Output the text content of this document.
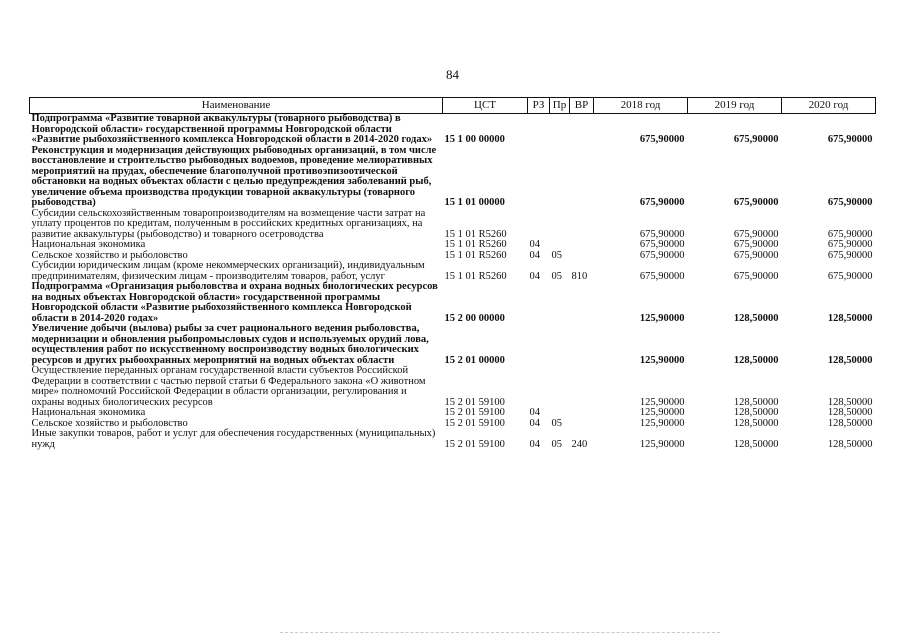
84
Наименование	ЦСТ	РЗ	Пр	ВР	2018 год	2019 год	2020 год
Подпрограмма «Развитие товарной аквакультуры (товарного рыбоводства) в Новгородской области» государственной программы Новгородской области «Развитие рыбохозяйственного комплекса Новгородской области в 2014-2020 годах»	15 1 00 00000				675,90000	675,90000	675,90000
Реконструкция и модернизация действующих рыбоводных организаций, в том числе восстановление и строительство рыбоводных водоемов, проведение мелиоративных мероприятий на прудах, обеспечение благополучной противоэпизоотической обстановки на водных объектах области с целью предупреждения заболеваний рыб, увеличение объема производства продукции товарной аквакультуры (товарного рыбоводства)	15 1 01 00000				675,90000	675,90000	675,90000
Субсидии сельскохозяйственным товаропроизводителям на возмещение части затрат на уплату процентов по кредитам, полученным в российских кредитных организациях, на развитие аквакультуры (рыбоводство) и товарного осетроводства	15 1 01 R5260				675,90000	675,90000	675,90000
Национальная экономика	15 1 01 R5260	04			675,90000	675,90000	675,90000
Сельское хозяйство и рыболовство	15 1 01 R5260	04	05		675,90000	675,90000	675,90000
Субсидии юридическим лицам (кроме некоммерческих организаций), индивидуальным предпринимателям, физическим лицам - производителям товаров, работ, услуг	15 1 01 R5260	04	05	810	675,90000	675,90000	675,90000
Подпрограмма «Организация рыболовства и охрана водных биологических ресурсов на водных объектах Новгородской области» государственной программы Новгородской области «Развитие рыбохозяйственного комплекса Новгородской области в 2014-2020 годах»	15 2 00 00000				125,90000	128,50000	128,50000
Увеличение добычи (вылова) рыбы за счет рационального ведения рыболовства, модернизации и обновления рыбопромысловых судов и используемых орудий лова, осуществления работ по искусственному воспроизводству водных биологических ресурсов и других рыбоохранных мероприятий на водных объектах области	15 2 01 00000				125,90000	128,50000	128,50000
Осуществление переданных органам государственной власти субъектов Российской Федерации в соответствии с частью первой статьи 6 Федерального закона «О животном мире» полномочий Российской Федерации в области организации, регулирования и охраны водных биологических ресурсов	15 2 01 59100				125,90000	128,50000	128,50000
Национальная экономика	15 2 01 59100	04			125,90000	128,50000	128,50000
Сельское хозяйство и рыболовство	15 2 01 59100	04	05		125,90000	128,50000	128,50000
Иные закупки товаров, работ и услуг для обеспечения государственных (муниципальных) нужд	15 2 01 59100	04	05	240	125,90000	128,50000	128,50000
